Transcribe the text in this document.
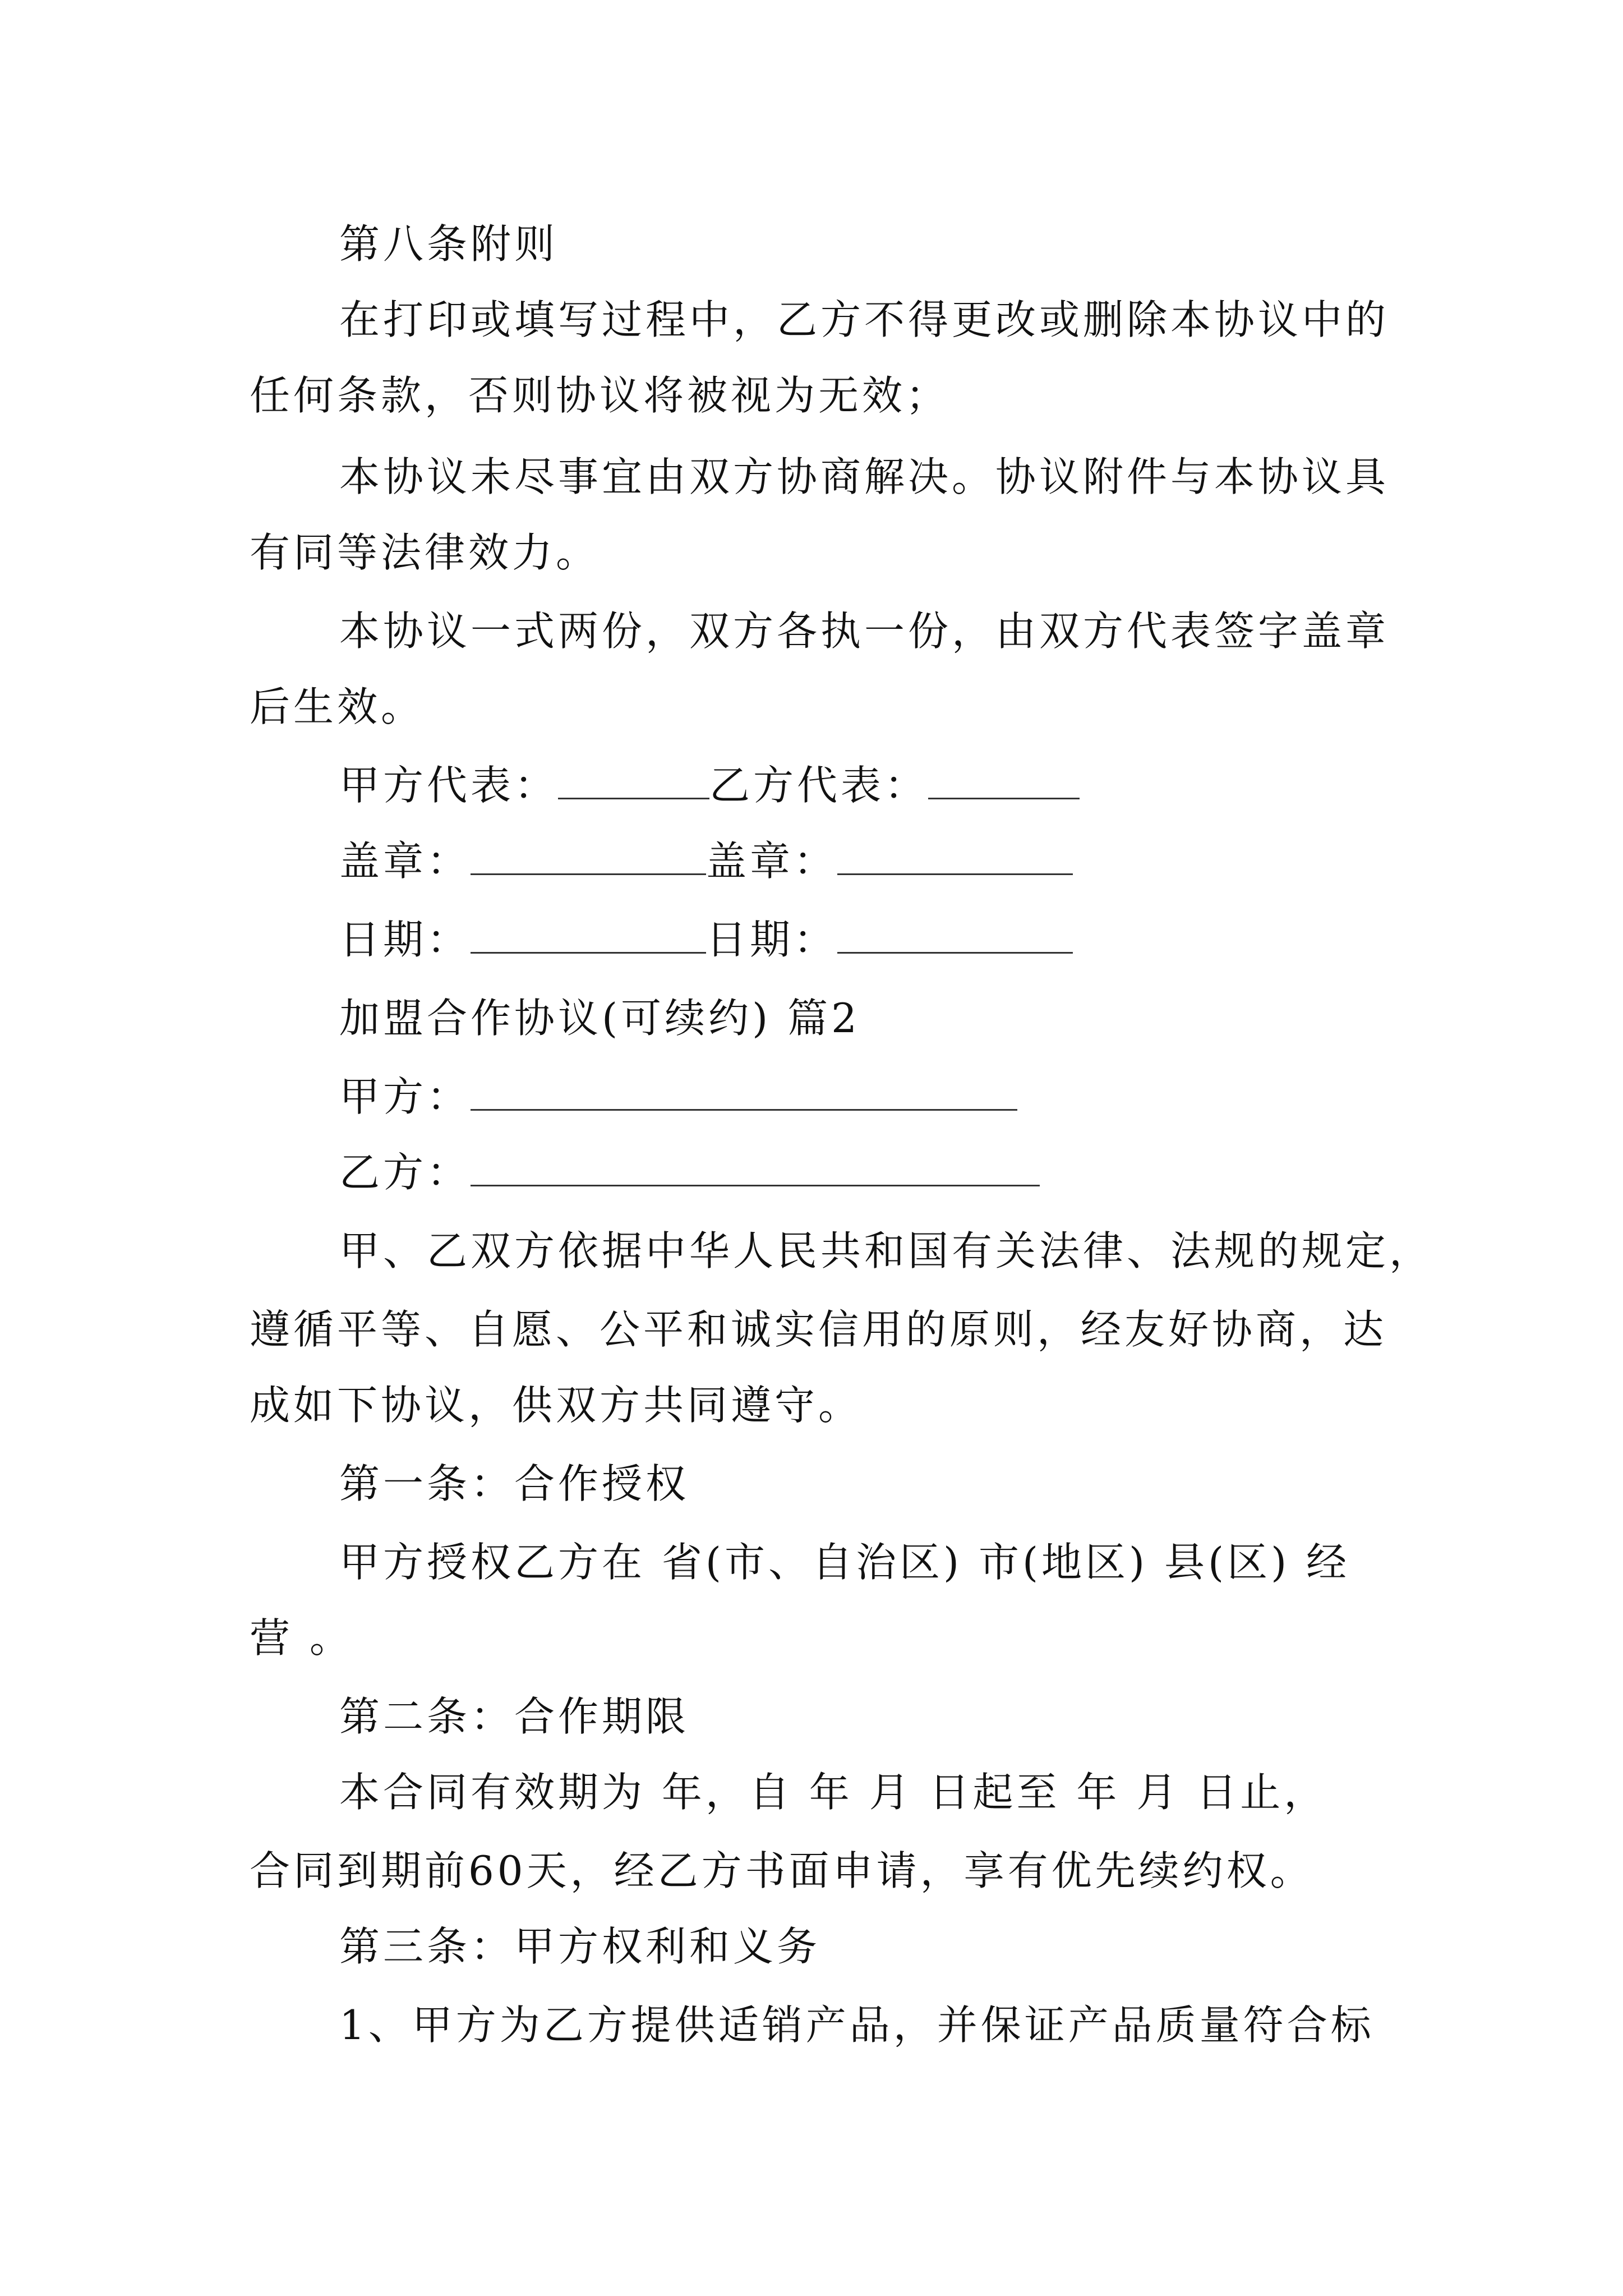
第八条附则
在打印或填写过程中，乙方不得更改或删除本协议中的
任何条款，否则协议将被视为无效；
本协议未尽事宜由双方协商解决。协议附件与本协议具
有同等法律效力。
本协议一式两份，双方各执一份，由双方代表签字盖章
后生效。
甲方代表：	乙方代表：
盖章：	盖章：
日期：	日期：
加盟合作协议(可续约) 篇2
甲方：
乙方：
甲、乙双方依据中华人民共和国有关法律、法规的规定，
遵循平等、自愿、公平和诚实信用的原则，经友好协商，达
成如下协议，供双方共同遵守。
第一条：合作授权
甲方授权乙方在 省(市、自治区) 市(地区) 县(区) 经
营 。
第二条：合作期限
本合同有效期为 年，自 年 月 日起至 年 月 日止，
合同到期前60天，经乙方书面申请，享有优先续约权。
第三条：甲方权利和义务
1、甲方为乙方提供适销产品，并保证产品质量符合标
